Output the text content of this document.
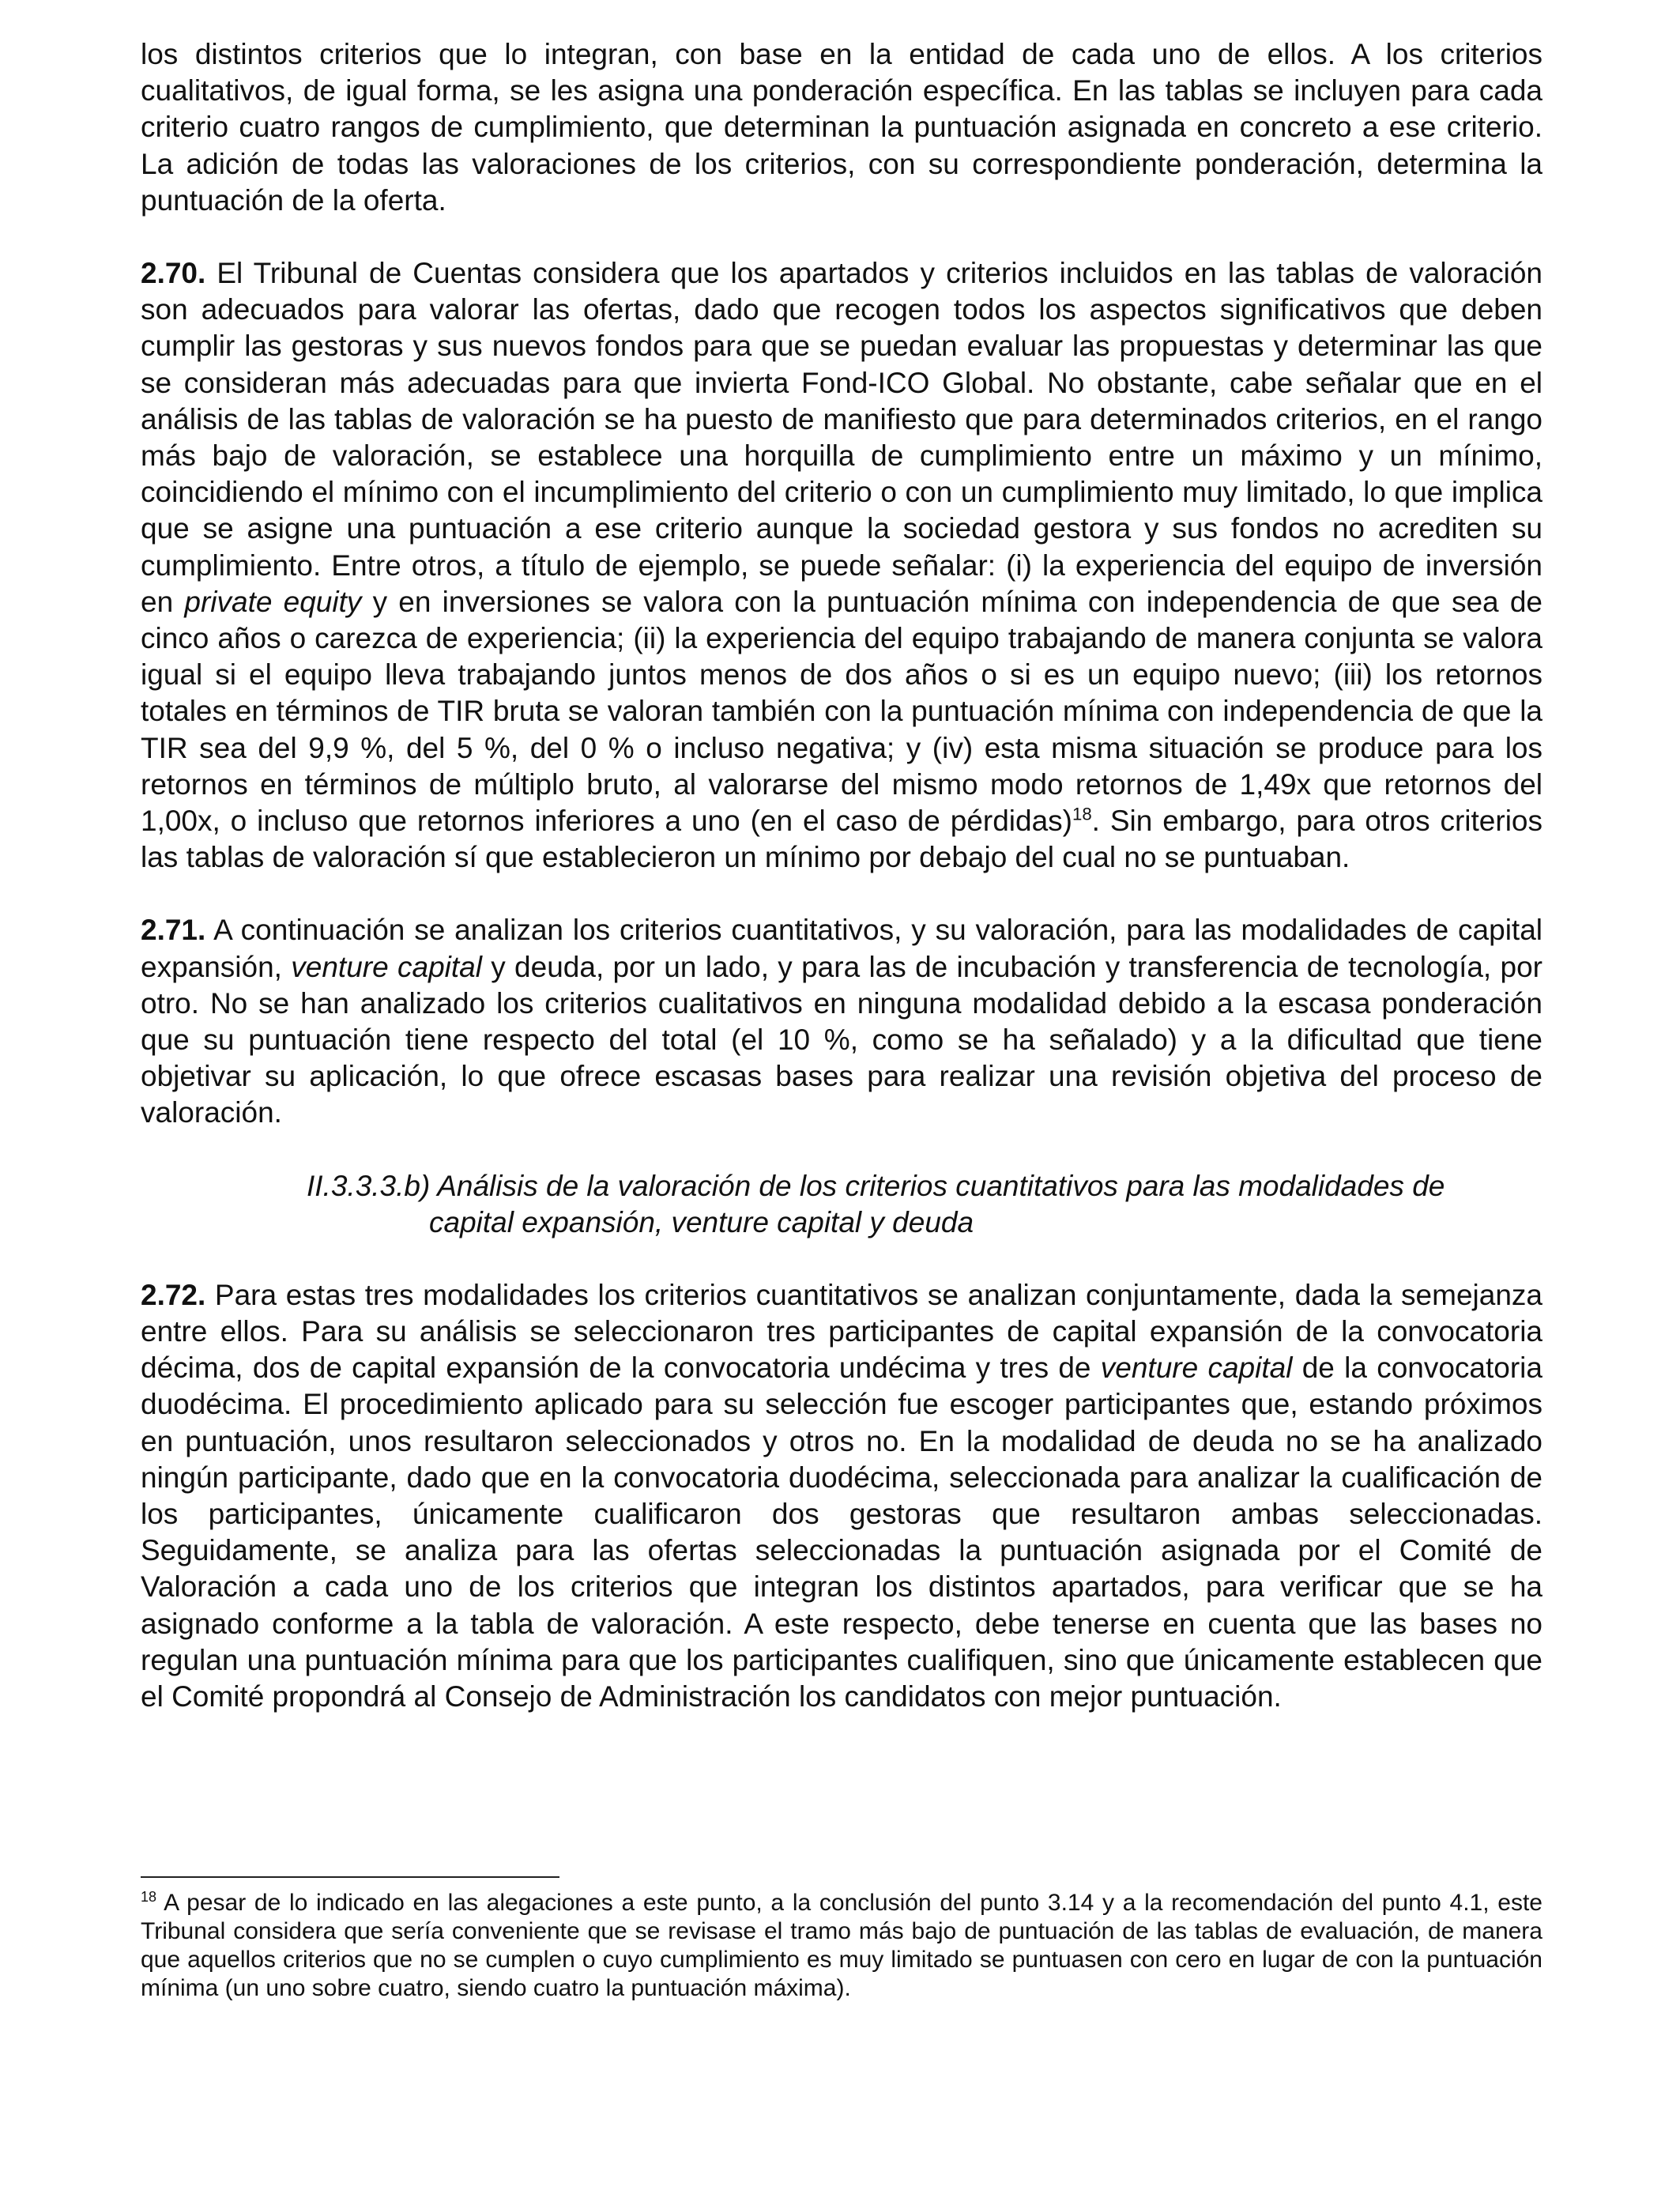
los distintos criterios que lo integran, con base en la entidad de cada uno de ellos. A los criterios cualitativos, de igual forma, se les asigna una ponderación específica. En las tablas se incluyen para cada criterio cuatro rangos de cumplimiento, que determinan la puntuación asignada en concreto a ese criterio. La adición de todas las valoraciones de los criterios, con su correspondiente ponderación, determina la puntuación de la oferta.

2.70. El Tribunal de Cuentas considera que los apartados y criterios incluidos en las tablas de valoración son adecuados para valorar las ofertas, dado que recogen todos los aspectos significativos que deben cumplir las gestoras y sus nuevos fondos para que se puedan evaluar las propuestas y determinar las que se consideran más adecuadas para que invierta Fond-ICO Global. No obstante, cabe señalar que en el análisis de las tablas de valoración se ha puesto de manifiesto que para determinados criterios, en el rango más bajo de valoración, se establece una horquilla de cumplimiento entre un máximo y un mínimo, coincidiendo el mínimo con el incumplimiento del criterio o con un cumplimiento muy limitado, lo que implica que se asigne una puntuación a ese criterio aunque la sociedad gestora y sus fondos no acrediten su cumplimiento. Entre otros, a título de ejemplo, se puede señalar: (i) la experiencia del equipo de inversión en private equity y en inversiones se valora con la puntuación mínima con independencia de que sea de cinco años o carezca de experiencia; (ii) la experiencia del equipo trabajando de manera conjunta se valora igual si el equipo lleva trabajando juntos menos de dos años o si es un equipo nuevo; (iii) los retornos totales en términos de TIR bruta se valoran también con la puntuación mínima con independencia de que la TIR sea del 9,9 %, del 5 %, del 0 % o incluso negativa; y (iv) esta misma situación se produce para los retornos en términos de múltiplo bruto, al valorarse del mismo modo retornos de 1,49x que retornos del 1,00x, o incluso que retornos inferiores a uno (en el caso de pérdidas)$^{18}$. Sin embargo, para otros criterios las tablas de valoración sí que establecieron un mínimo por debajo del cual no se puntuaban.

2.71. A continuación se analizan los criterios cuantitativos, y su valoración, para las modalidades de capital expansión, venture capital y deuda, por un lado, y para las de incubación y transferencia de tecnología, por otro. No se han analizado los criterios cualitativos en ninguna modalidad debido a la escasa ponderación que su puntuación tiene respecto del total (el 10 %, como se ha señalado) y a la dificultad que tiene objetivar su aplicación, lo que ofrece escasas bases para realizar una revisión objetiva del proceso de valoración.

II.3.3.3.b) Análisis de la valoración de los criterios cuantitativos para las modalidades de
capital expansión, venture capital y deuda

2.72. Para estas tres modalidades los criterios cuantitativos se analizan conjuntamente, dada la semejanza entre ellos. Para su análisis se seleccionaron tres participantes de capital expansión de la convocatoria décima, dos de capital expansión de la convocatoria undécima y tres de venture capital de la convocatoria duodécima. El procedimiento aplicado para su selección fue escoger participantes que, estando próximos en puntuación, unos resultaron seleccionados y otros no. En la modalidad de deuda no se ha analizado ningún participante, dado que en la convocatoria duodécima, seleccionada para analizar la cualificación de los participantes, únicamente cualificaron dos gestoras que resultaron ambas seleccionadas. Seguidamente, se analiza para las ofertas seleccionadas la puntuación asignada por el Comité de Valoración a cada uno de los criterios que integran los distintos apartados, para verificar que se ha asignado conforme a la tabla de valoración. A este respecto, debe tenerse en cuenta que las bases no regulan una puntuación mínima para que los participantes cualifiquen, sino que únicamente establecen que el Comité propondrá al Consejo de Administración los candidatos con mejor puntuación.

$^{18}$ A pesar de lo indicado en las alegaciones a este punto, a la conclusión del punto 3.14 y a la recomendación del punto 4.1, este Tribunal considera que sería conveniente que se revisase el tramo más bajo de puntuación de las tablas de evaluación, de manera que aquellos criterios que no se cumplen o cuyo cumplimiento es muy limitado se puntuasen con cero en lugar de con la puntuación mínima (un uno sobre cuatro, siendo cuatro la puntuación máxima).
